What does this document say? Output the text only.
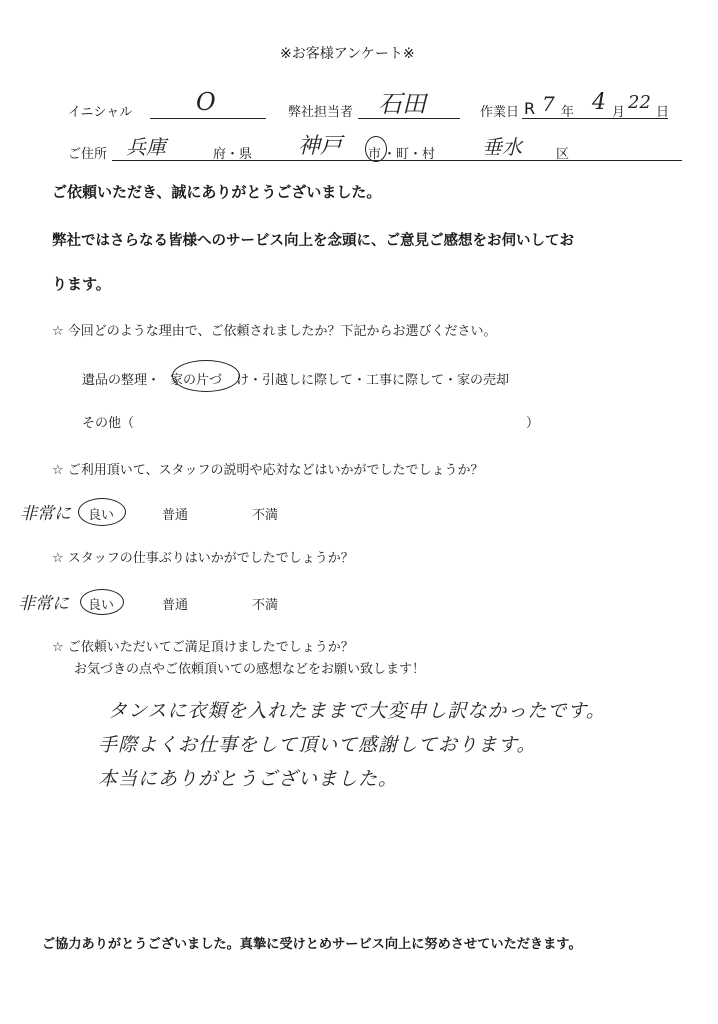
※お客様アンケート※
イニシャル	O	弊社担当者 石田	作業日 R 7 年 4 月 22 日
ご住所 兵庫	府・県 神戸 市 ・町・村 垂水	区
ご依頼いただき、誠にありがとうございました。
弊社ではさらなる皆様へのサービス向上を念頭に、ご意見ご感想をお伺いしてお
ります。
☆ 今回どのような理由で、ご依頼されましたか？下記からお選びください。
遺品の整理・ 家の片づ け・引越しに際して・工事に際して・家の売却
その他（	）
☆ ご利用頂いて、スタッフの説明や応対などはいかがでしたでしょうか？
非常に 良い	普通	不満
☆ スタッフの仕事ぶりはいかがでしたでしょうか？
非常に 良い	普通	不満
☆ ご依頼いただいてご満足頂けましたでしょうか？
お気づきの点やご依頼頂いての感想などをお願い致します！
タンスに衣類を入れたままで大変申し訳なかったです。
手際よくお仕事をして頂いて感謝しております。
本当にありがとうございました。
ご協力ありがとうございました。真摯に受けとめサービス向上に努めさせていただきます。
